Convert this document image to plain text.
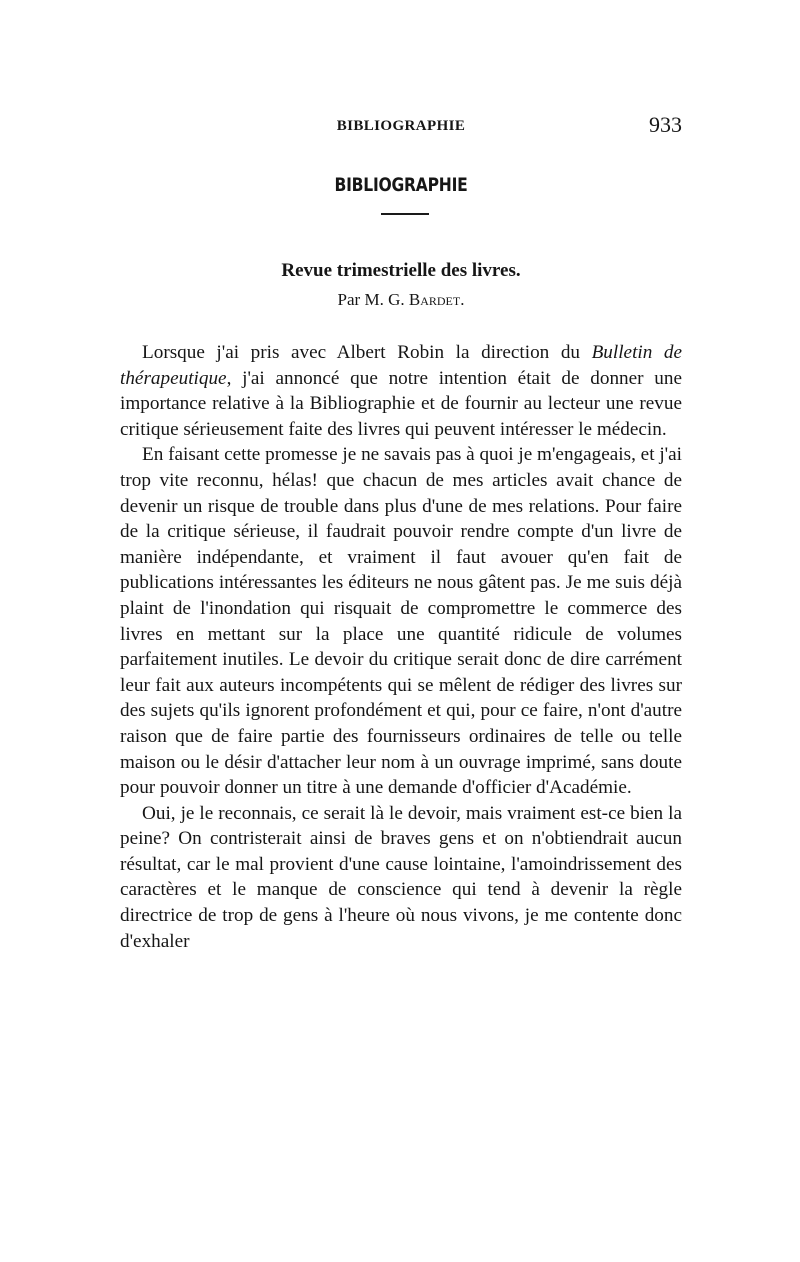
BIBLIOGRAPHIE	933
BIBLIOGRAPHIE
Revue trimestrielle des livres.
Par M. G. Bardet.

Lorsque j'ai pris avec Albert Robin la direction du Bulletin de thérapeutique, j'ai annoncé que notre intention était de donner une importance relative à la Bibliographie et de fournir au lecteur une revue critique sérieusement faite des livres qui peuvent intéresser le médecin.

En faisant cette promesse je ne savais pas à quoi je m'engageais, et j'ai trop vite reconnu, hélas! que chacun de mes articles avait chance de devenir un risque de trouble dans plus d'une de mes relations. Pour faire de la critique sérieuse, il faudrait pouvoir rendre compte d'un livre de manière indépendante, et vraiment il faut avouer qu'en fait de publications intéressantes les éditeurs ne nous gâtent pas. Je me suis déjà plaint de l'inondation qui risquait de compromettre le commerce des livres en mettant sur la place une quantité ridicule de volumes parfaitement inutiles. Le devoir du critique serait donc de dire carrément leur fait aux auteurs incompétents qui se mêlent de rédiger des livres sur des sujets qu'ils ignorent profondément et qui, pour ce faire, n'ont d'autre raison que de faire partie des fournisseurs ordinaires de telle ou telle maison ou le désir d'attacher leur nom à un ouvrage imprimé, sans doute pour pouvoir donner un titre à une demande d'officier d'Académie.

Oui, je le reconnais, ce serait là le devoir, mais vraiment est-ce bien la peine? On contristerait ainsi de braves gens et on n'obtiendrait aucun résultat, car le mal provient d'une cause lointaine, l'amoindrissement des caractères et le manque de conscience qui tend à devenir la règle directrice de trop de gens à l'heure où nous vivons, je me contente donc d'exhaler
